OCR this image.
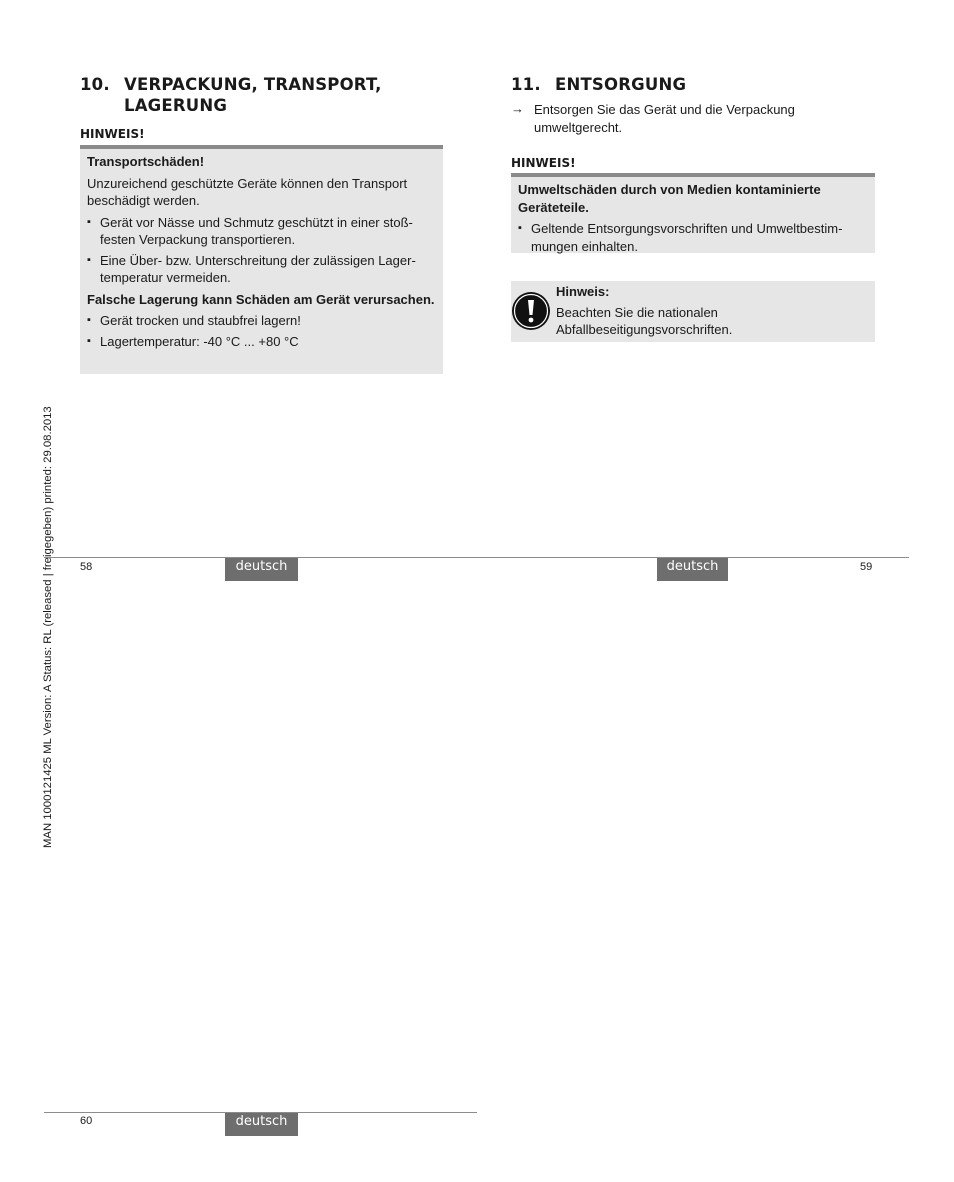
MAN 1000121425 ML Version: A Status: RL (released | freigegeben) printed: 29.08.2013
10. VERPACKUNG, TRANSPORT,
LAGERUNG
HINWEIS!

Transportschäden!

Unzureichend geschützte Geräte können den Transport beschädigt werden.

▪ Gerät vor Nässe und Schmutz geschützt in einer stoß-festen Verpackung transportieren.
▪ Eine Über- bzw. Unterschreitung der zulässigen Lager-temperatur vermeiden.

Falsche Lagerung kann Schäden am Gerät verursachen.

▪ Gerät trocken und staubfrei lagern!
▪ Lagertemperatur: -40 °C ... +80 °C
11. ENTSORGUNG
→ Entsorgen Sie das Gerät und die Verpackung umweltgerecht.
HINWEIS!

Umweltschäden durch von Medien kontaminierte Geräteteile.

▪ Geltende Entsorgungsvorschriften und Umweltbestim-mungen einhalten.
Hinweis:
Beachten Sie die nationalen Abfallbeseitigungsvorschriften.
58	deutsch	deutsch	59
60	deutsch
